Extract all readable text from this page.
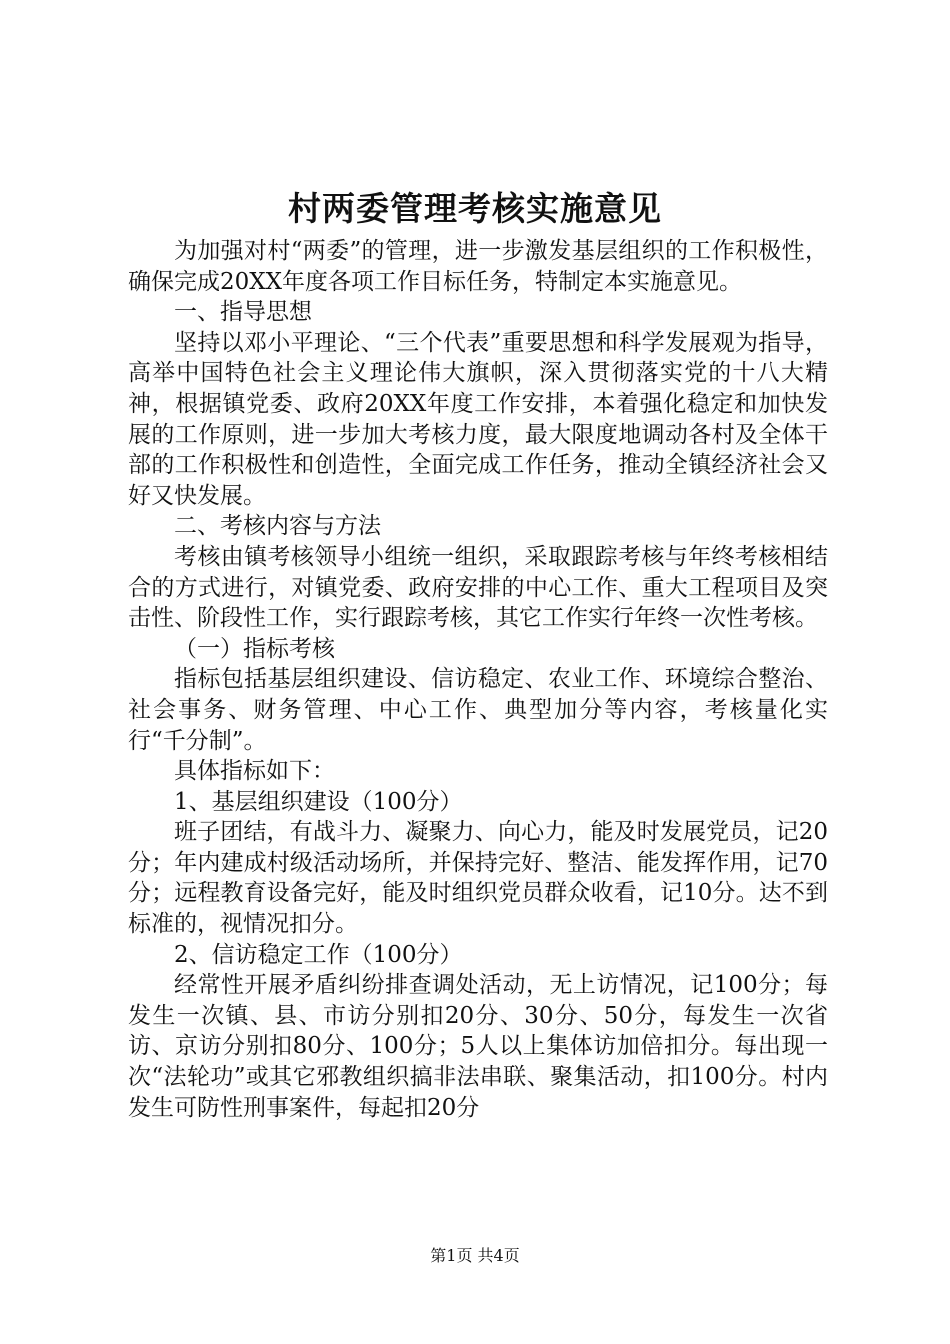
村两委管理考核实施意见

为加强对村“两委”的管理，进一步激发基层组织的工作积极性，确保完成20XX年度各项工作目标任务，特制定本实施意见。

一、指导思想

坚持以邓小平理论、“三个代表”重要思想和科学发展观为指导，高举中国特色社会主义理论伟大旗帜，深入贯彻落实党的十八大精神，根据镇党委、政府20XX年度工作安排，本着强化稳定和加快发展的工作原则，进一步加大考核力度，最大限度地调动各村及全体干部的工作积极性和创造性，全面完成工作任务，推动全镇经济社会又好又快发展。

二、考核内容与方法

考核由镇考核领导小组统一组织，采取跟踪考核与年终考核相结合的方式进行，对镇党委、政府安排的中心工作、重大工程项目及突击性、阶段性工作，实行跟踪考核，其它工作实行年终一次性考核。

（一）指标考核

指标包括基层组织建设、信访稳定、农业工作、环境综合整治、社会事务、财务管理、中心工作、典型加分等内容，考核量化实行“千分制”。

具体指标如下：

1、基层组织建设（100分）

班子团结，有战斗力、凝聚力、向心力，能及时发展党员，记20分；年内建成村级活动场所，并保持完好、整洁、能发挥作用，记70分；远程教育设备完好，能及时组织党员群众收看，记10分。达不到标准的，视情况扣分。

2、信访稳定工作（100分）

经常性开展矛盾纠纷排查调处活动，无上访情况，记100分；每发生一次镇、县、市访分别扣20分、30分、50分，每发生一次省访、京访分别扣80分、100分；5人以上集体访加倍扣分。每出现一次“法轮功”或其它邪教组织搞非法串联、聚集活动，扣100分。村内发生可防性刑事案件，每起扣20分

第1页 共4页
